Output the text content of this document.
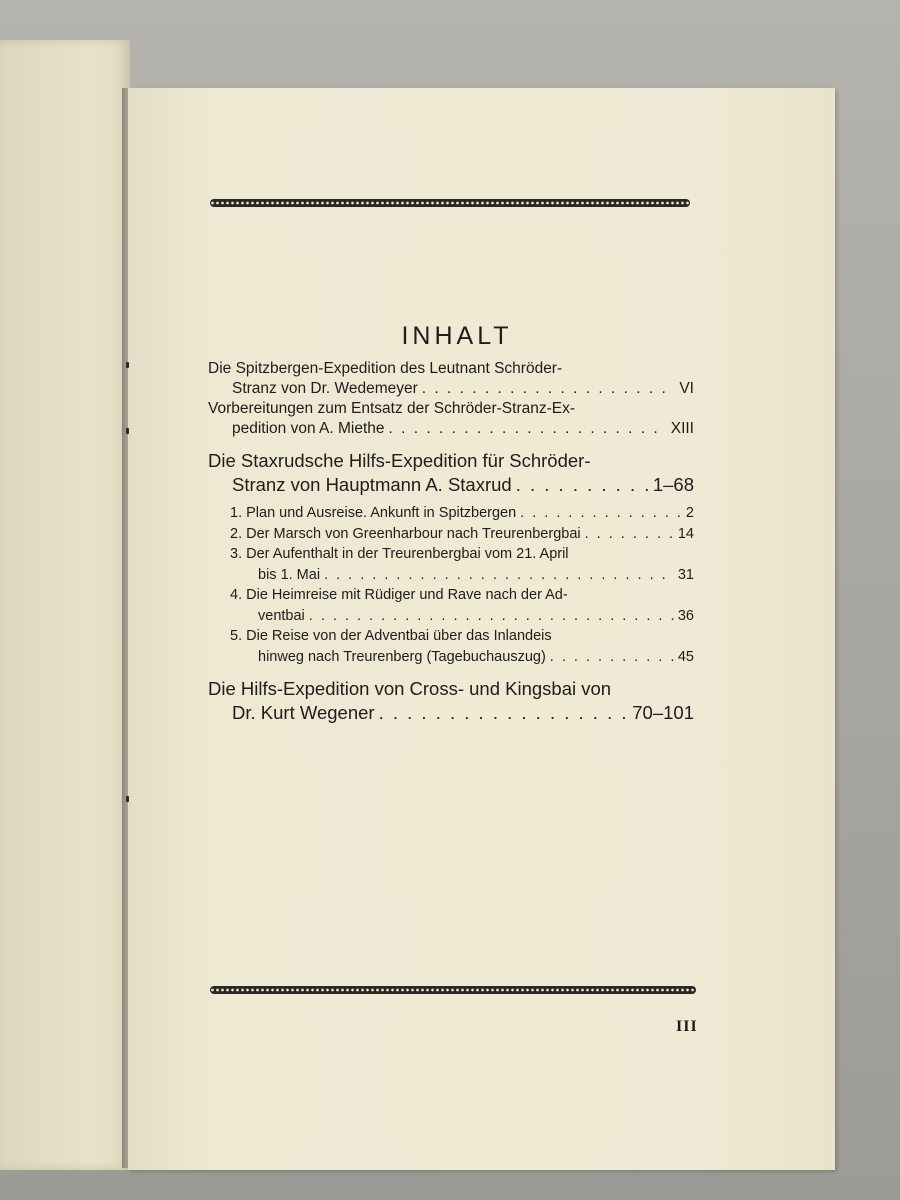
INHALT
Die Spitzbergen-Expedition des Leutnant Schröder-
Stranz von Dr. Wedemeyer . . .	VI
Vorbereitungen zum Entsatz der Schröder-Stranz-Ex-
pedition von A. Miethe . . .	XIII
Die Staxrudsche Hilfs-Expedition für Schröder-
Stranz von Hauptmann A. Staxrud . . .	1–68
1. Plan und Ausreise. Ankunft in Spitzbergen . . .	2
2. Der Marsch von Greenharbour nach Treurenbergbai . . .	14
3. Der Aufenthalt in der Treurenbergbai vom 21. April
bis 1. Mai . . .	31
4. Die Heimreise mit Rüdiger und Rave nach der Ad-
ventbai . . .	36
5. Die Reise von der Adventbai über das Inlandeis
hinweg nach Treurenberg (Tagebuchauszug) . . .	45
Die Hilfs-Expedition von Cross- und Kingsbai von
Dr. Kurt Wegener . . .	70–101
III
